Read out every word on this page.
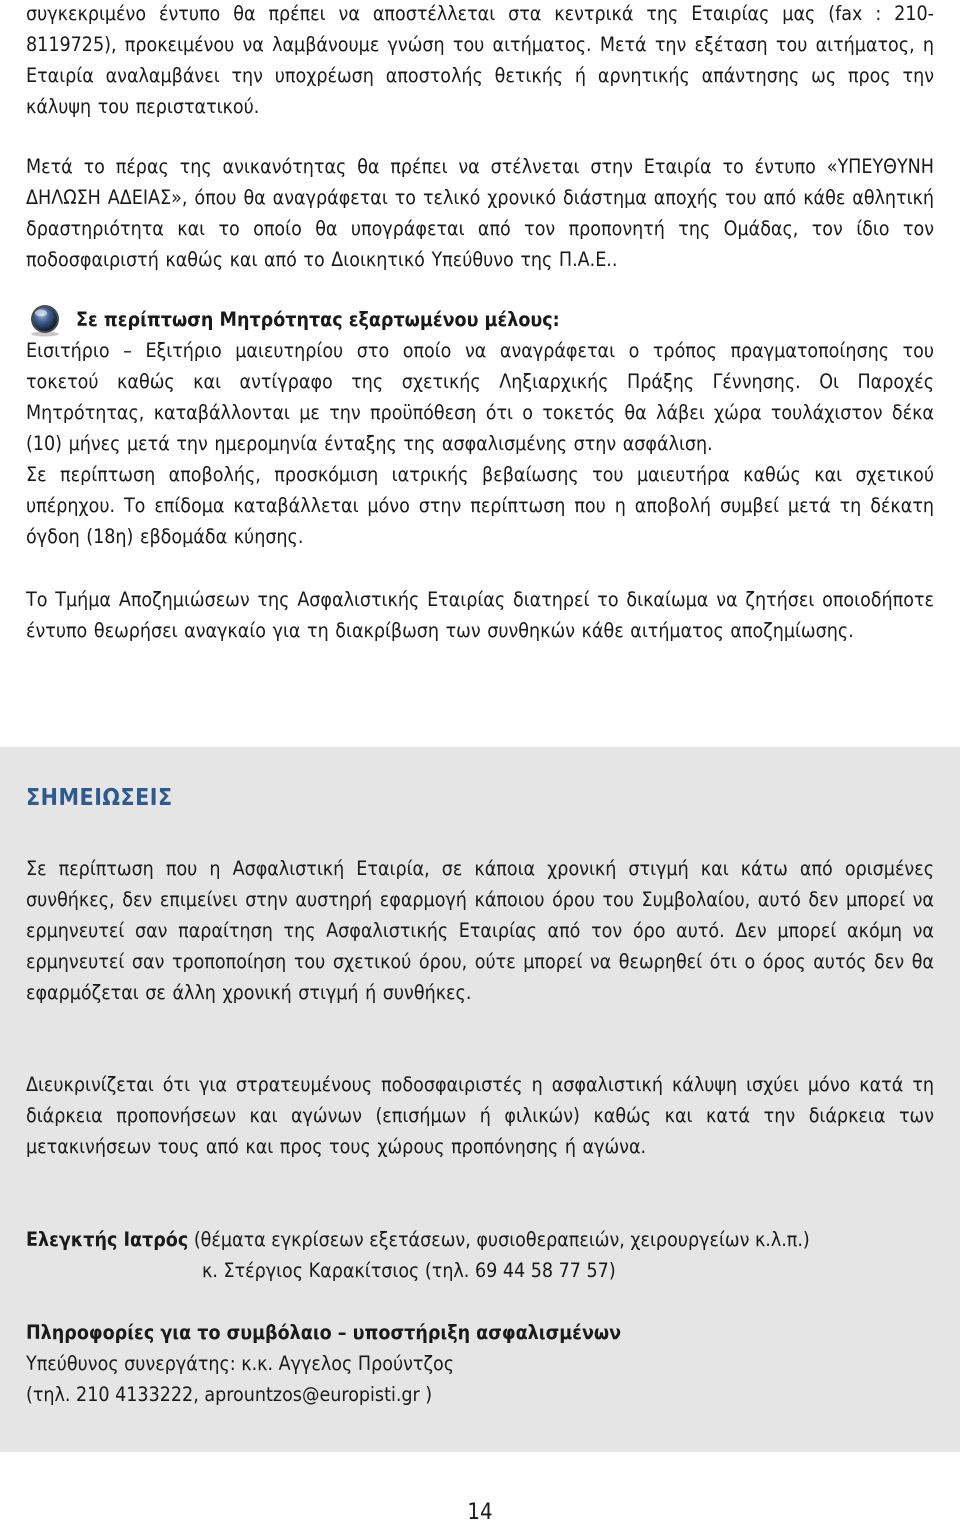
συγκεκριμένο έντυπο θα πρέπει να αποστέλλεται στα κεντρικά της Εταιρίας μας (fax : 210-8119725), προκειμένου να λαμβάνουμε γνώση του αιτήματος. Μετά την εξέταση του αιτήματος, η Εταιρία αναλαμβάνει την υποχρέωση αποστολής θετικής ή αρνητικής απάντησης ως προς την κάλυψη του περιστατικού.

Μετά το πέρας της ανικανότητας θα πρέπει να στέλνεται στην Εταιρία το έντυπο «ΥΠΕΥΘΥΝΗ ΔΗΛΩΣΗ ΑΔΕΙΑΣ», όπου θα αναγράφεται το τελικό χρονικό διάστημα αποχής του από κάθε αθλητική δραστηριότητα και το οποίο θα υπογράφεται από τον προπονητή της Ομάδας, τον ίδιο τον ποδοσφαιριστή καθώς και από το Διοικητικό Υπεύθυνο της Π.Α.Ε..

Σε περίπτωση Μητρότητας εξαρτωμένου μέλους:

Εισιτήριο – Εξιτήριο μαιευτηρίου στο οποίο να αναγράφεται ο τρόπος πραγματοποίησης του τοκετού καθώς και αντίγραφο της σχετικής Ληξιαρχικής Πράξης Γέννησης. Οι Παροχές Μητρότητας, καταβάλλονται με την προϋπόθεση ότι ο τοκετός θα λάβει χώρα τουλάχιστον δέκα (10) μήνες μετά την ημερομηνία ένταξης της ασφαλισμένης στην ασφάλιση.

Σε περίπτωση αποβολής, προσκόμιση ιατρικής βεβαίωσης του μαιευτήρα καθώς και σχετικού υπέρηχου. Το επίδομα καταβάλλεται μόνο στην περίπτωση που η αποβολή συμβεί μετά τη δέκατη όγδοη (18η) εβδομάδα κύησης.

Το Τμήμα Αποζημιώσεων της Ασφαλιστικής Εταιρίας διατηρεί το δικαίωμα να ζητήσει οποιοδήποτε έντυπο θεωρήσει αναγκαίο για τη διακρίβωση των συνθηκών κάθε αιτήματος αποζημίωσης.

ΣΗΜΕΙΩΣΕΙΣ

Σε περίπτωση που η Ασφαλιστική Εταιρία, σε κάποια χρονική στιγμή και κάτω από ορισμένες συνθήκες, δεν επιμείνει στην αυστηρή εφαρμογή κάποιου όρου του Συμβολαίου, αυτό δεν μπορεί να ερμηνευτεί σαν παραίτηση της Ασφαλιστικής Εταιρίας από τον όρο αυτό. Δεν μπορεί ακόμη να ερμηνευτεί σαν τροποποίηση του σχετικού όρου, ούτε μπορεί να θεωρηθεί ότι ο όρος αυτός δεν θα εφαρμόζεται σε άλλη χρονική στιγμή ή συνθήκες.

Διευκρινίζεται ότι για στρατευμένους ποδοσφαιριστές η ασφαλιστική κάλυψη ισχύει μόνο κατά τη διάρκεια προπονήσεων και αγώνων (επισήμων ή φιλικών) καθώς και κατά την διάρκεια των μετακινήσεων τους από και προς τους χώρους προπόνησης ή αγώνα.

Ελεγκτής Ιατρός (θέματα εγκρίσεων εξετάσεων, φυσιοθεραπειών, χειρουργείων κ.λ.π.)

κ. Στέργιος Καρακίτσιος (τηλ. 69 44 58 77 57)

Πληροφορίες για το συμβόλαιο – υποστήριξη ασφαλισμένων

Υπεύθυνος συνεργάτης: κ.κ. Αγγελος Προύντζος

(τηλ. 210 4133222, aprountzos@europisti.gr )

14
